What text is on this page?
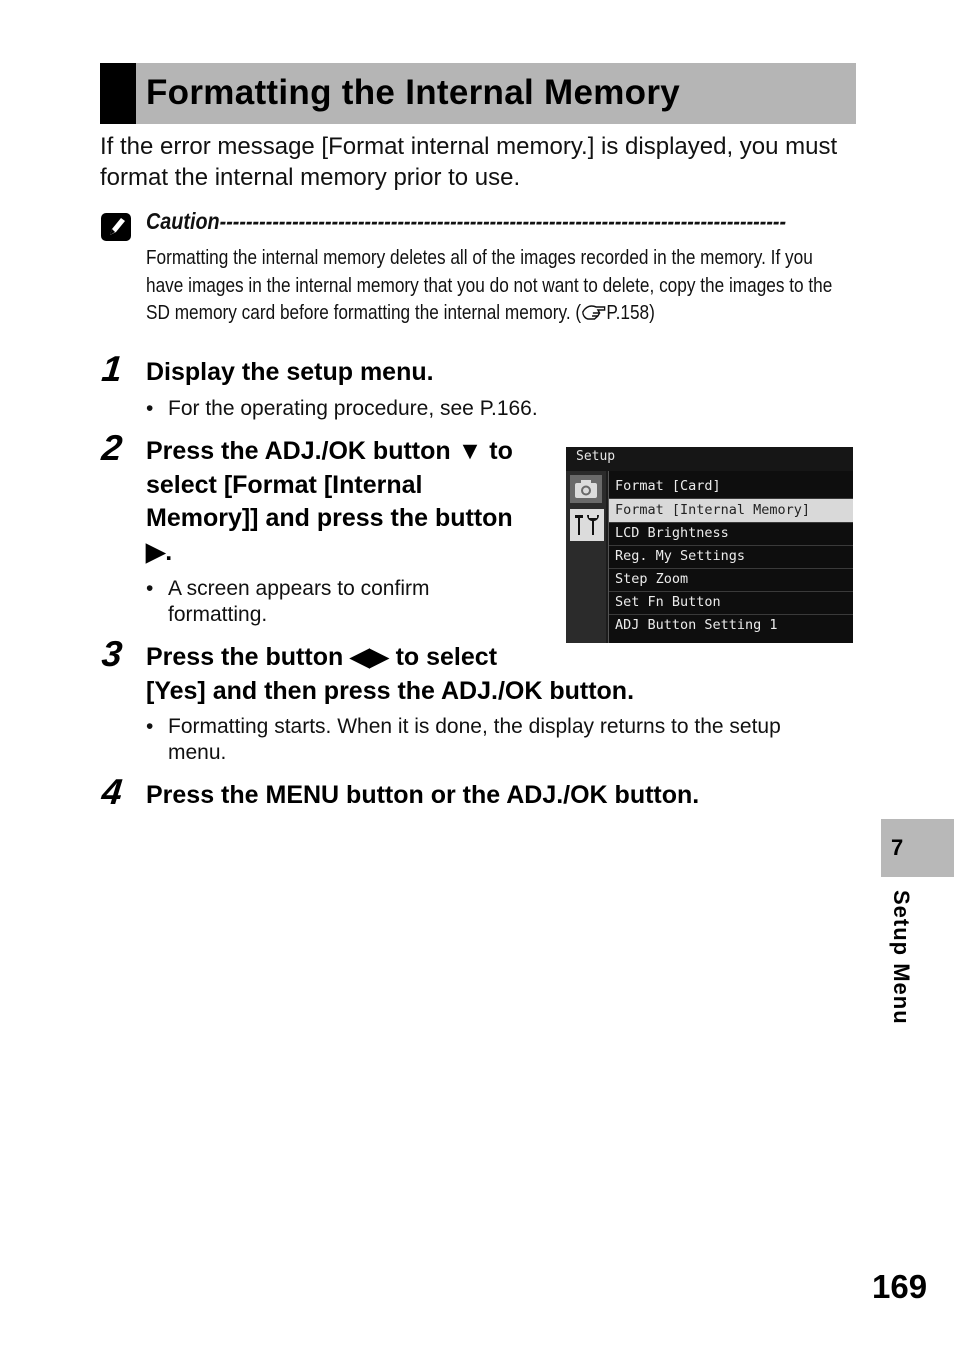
Formatting the Internal Memory
If the error message [Format internal memory.] is displayed, you must format the internal memory prior to use.
Caution--------------------------------------------------------------------------------------
Formatting the internal memory deletes all of the images recorded in the memory. If you have images in the internal memory that you do not want to delete, copy the images to the SD memory card before formatting the internal memory. ( P.158)
1 Display the setup menu.
• For the operating procedure, see P.166.
2 Press the ADJ./OK button ▼ to
select [Format [Internal
Memory]] and press the button
▶.
• A screen appears to confirm
formatting.
Setup
Format [Card]
Format [Internal Memory]
LCD Brightness
Reg. My Settings
Step Zoom
Set Fn Button
ADJ Button Setting 1
3 Press the button ◀▶ to select
[Yes] and then press the ADJ./OK button.
• Formatting starts. When it is done, the display returns to the setup
menu.
4 Press the MENU button or the ADJ./OK button.
7
Setup Menu
169
